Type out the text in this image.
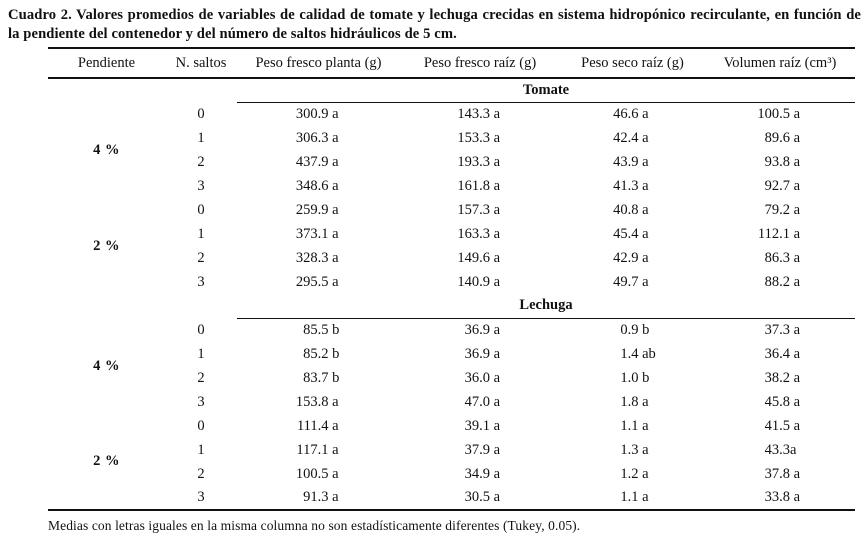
Cuadro 2. Valores promedios de variables de calidad de tomate y lechuga crecidas en sistema hidropónico recirculante, en función de la pendiente del contenedor y del número de saltos hidráulicos de 5 cm.
Pendiente	N. saltos	Peso fresco planta (g)	Peso fresco raíz (g)	Peso seco raíz (g)	Volumen raíz (cm³)
		Tomate			
4 %	0	300.9 a	143.3 a	46.6 a	100.5 a
	1	306.3 a	153.3 a	42.4 a	89.6 a
	2	437.9 a	193.3 a	43.9 a	93.8 a
	3	348.6 a	161.8 a	41.3 a	92.7 a
2 %	0	259.9 a	157.3 a	40.8 a	79.2 a
	1	373.1 a	163.3 a	45.4 a	112.1 a
	2	328.3 a	149.6 a	42.9 a	86.3 a
	3	295.5 a	140.9 a	49.7 a	88.2 a
		Lechuga			
4 %	0	85.5 b	36.9 a	0.9 b	37.3 a
	1	85.2 b	36.9 a	1.4 ab	36.4 a
	2	83.7 b	36.0 a	1.0 b	38.2 a
	3	153.8 a	47.0 a	1.8 a	45.8 a
2 %	0	111.4 a	39.1 a	1.1 a	41.5 a
	1	117.1 a	37.9 a	1.3 a	43.3a
	2	100.5 a	34.9 a	1.2 a	37.8 a
	3	91.3 a	30.5 a	1.1 a	33.8 a
Medias con letras iguales en la misma columna no son estadísticamente diferentes (Tukey, 0.05).
